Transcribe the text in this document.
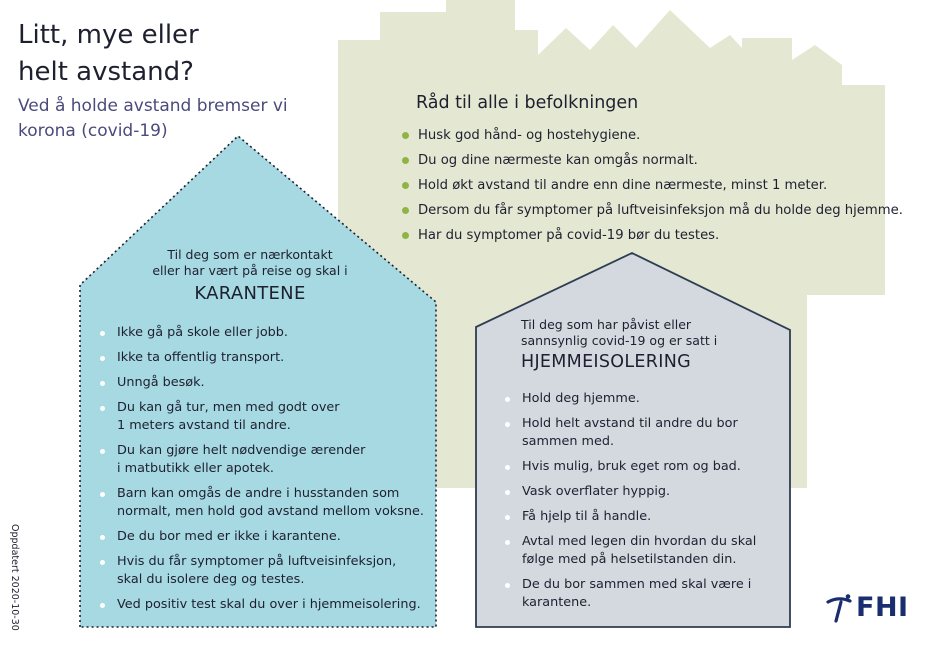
Litt, mye eller
helt avstand?

Ved å holde avstand bremser vi
korona (covid-19)

Råd til alle i befolkningen
Husk god hånd- og hostehygiene.
Du og dine nærmeste kan omgås normalt.
Hold økt avstand til andre enn dine nærmeste, minst 1 meter.
Dersom du får symptomer på luftveisinfeksjon må du holde deg hjemme.
Har du symptomer på covid-19 bør du testes.

Til deg som er nærkontakt
eller har vært på reise og skal i

KARANTENE
Ikke gå på skole eller jobb.
Ikke ta offentlig transport.
Unngå besøk.
Du kan gå tur, men med godt over
1 meters avstand til andre.
Du kan gjøre helt nødvendige ærender
i matbutikk eller apotek.
Barn kan omgås de andre i husstanden som
normalt, men hold god avstand mellom voksne.
De du bor med er ikke i karantene.
Hvis du får symptomer på luftveisinfeksjon,
skal du isolere deg og testes.
Ved positiv test skal du over i hjemmeisolering.

Til deg som har påvist eller
sannsynlig covid-19 og er satt i

HJEMMEISOLERING
Hold deg hjemme.
Hold helt avstand til andre du bor
sammen med.
Hvis mulig, bruk eget rom og bad.
Vask overflater hyppig.
Få hjelp til å handle.
Avtal med legen din hvordan du skal
følge med på helsetilstanden din.
De du bor sammen med skal være i
karantene.

Oppdatert 2020-10-30	FHI
